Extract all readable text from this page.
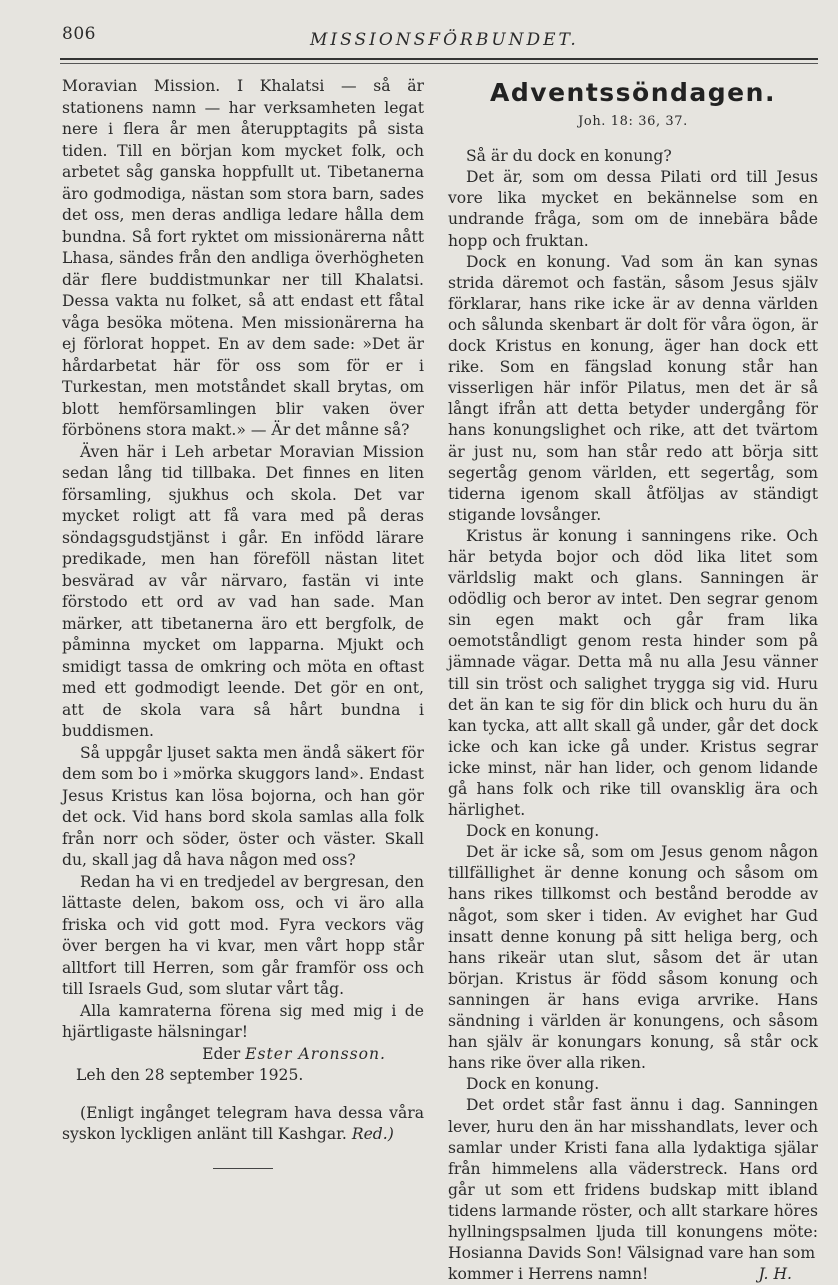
806	MISSIONSFÖRBUNDET.

Moravian Mission. I Khalatsi — så är stationens namn — har verksamheten legat nere i flera år men återupptagits på sista tiden. Till en början kom mycket folk, och arbetet såg ganska hoppfullt ut. Tibetanerna äro godmodiga, nästan som stora barn, sades det oss, men deras andliga ledare hålla dem bundna. Så fort ryktet om missionärerna nått Lhasa, sändes från den andliga överhögheten där flere buddistmunkar ner till Khalatsi. Dessa vakta nu folket, så att endast ett fåtal våga besöka mötena. Men missionärerna ha ej förlorat hoppet. En av dem sade: »Det är hårdarbetat här för oss som för er i Turkestan, men motståndet skall brytas, om blott hemförsamlingen blir vaken över förbönens stora makt.» — Är det månne så?

Även här i Leh arbetar Moravian Mission sedan lång tid tillbaka. Det finnes en liten församling, sjukhus och skola. Det var mycket roligt att få vara med på deras söndagsgudstjänst i går. En infödd lärare predikade, men han föreföll nästan litet besvärad av vår närvaro, fastän vi inte förstodo ett ord av vad han sade. Man märker, att tibetanerna äro ett bergfolk, de påminna mycket om lapparna. Mjukt och smidigt tassa de omkring och möta en oftast med ett godmodigt leende. Det gör en ont, att de skola vara så hårt bundna i buddismen.

Så uppgår ljuset sakta men ändå säkert för dem som bo i »mörka skuggors land». Endast Jesus Kristus kan lösa bojorna, och han gör det ock. Vid hans bord skola samlas alla folk från norr och söder, öster och väster. Skall du, skall jag då hava någon med oss?

Redan ha vi en tredjedel av bergresan, den lättaste delen, bakom oss, och vi äro alla friska och vid gott mod. Fyra veckors väg över bergen ha vi kvar, men vårt hopp står alltfort till Herren, som går framför oss och till Israels Gud, som slutar vårt tåg.

Alla kamraterna förena sig med mig i de hjärtligaste hälsningar!

Eder Ester Aronsson.

Leh den 28 september 1925.

(Enligt ingånget telegram hava dessa våra syskon lyckligen anlänt till Kashgar. Red.)

Adventssöndagen.
Joh. 18: 36, 37.

Så är du dock en konung?

Det är, som om dessa Pilati ord till Jesus vore lika mycket en bekännelse som en undrande fråga, som om de innebära både hopp och fruktan.

Dock en konung. Vad som än kan synas strida däremot och fastän, såsom Jesus själv förklarar, hans rike icke är av denna världen och sålunda skenbart är dolt för våra ögon, är dock Kristus en konung, äger han dock ett rike. Som en fängslad konung står han visserligen här inför Pilatus, men det är så långt ifrån att detta betyder undergång för hans konungslighet och rike, att det tvärtom är just nu, som han står redo att börja sitt segertåg genom världen, ett segertåg, som tiderna igenom skall åtföljas av ständigt stigande lovsånger.

Kristus är konung i sanningens rike. Och här betyda bojor och död lika litet som världslig makt och glans. Sanningen är odödlig och beror av intet. Den segrar genom sin egen makt och går fram lika oemotståndligt genom resta hinder som på jämnade vägar. Detta må nu alla Jesu vänner till sin tröst och salighet trygga sig vid. Huru det än kan te sig för din blick och huru du än kan tycka, att allt skall gå under, går det dock icke och kan icke gå under. Kristus segrar icke minst, när han lider, och genom lidande gå hans folk och rike till ovansklig ära och härlighet.

Dock en konung.

Det är icke så, som om Jesus genom någon tillfällighet är denne konung och såsom om hans rikes tillkomst och bestånd berodde av något, som sker i tiden. Av evighet har Gud insatt denne konung på sitt heliga berg, och hans rikeär utan slut, såsom det är utan början. Kristus är född såsom konung och sanningen är hans eviga arvrike. Hans sändning i världen är konungens, och såsom han själv är konungars konung, så står ock hans rike över alla riken.

Dock en konung.

Det ordet står fast ännu i dag. Sanningen lever, huru den än har misshandlats, lever och samlar under Kristi fana alla lydaktiga själar från himmelens alla väderstreck. Hans ord går ut som ett fridens budskap mitt ibland tidens larmande röster, och allt starkare höres hyllningspsalmen ljuda till konungens möte: Hosianna Davids Son! Välsignad vare han som

kommer i Herrens namn!	J. H.
